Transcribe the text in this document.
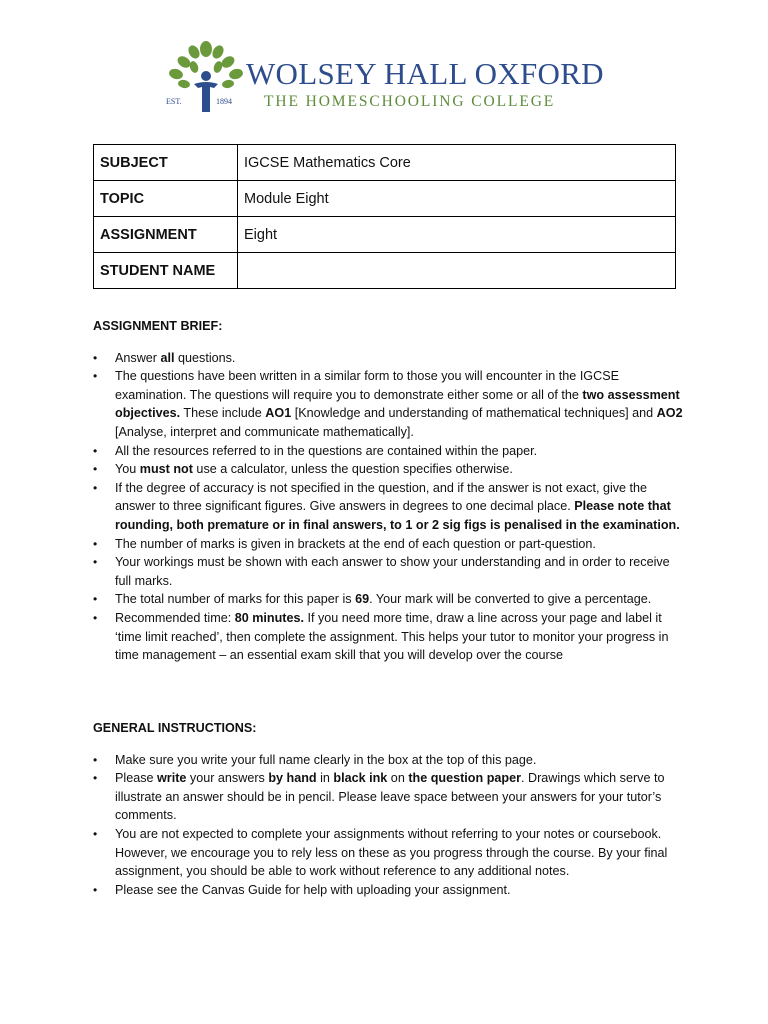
EST.	1894
WOLSEY HALL OXFORD
THE HOMESCHOOLING COLLEGE
SUBJECT	IGCSE Mathematics Core
TOPIC	Module Eight
ASSIGNMENT	Eight
STUDENT NAME	
ASSIGNMENT BRIEF:
• Answer all questions.
• The questions have been written in a similar form to those you will encounter in the IGCSE examination. The questions will require you to demonstrate either some or all of the two assessment objectives. These include AO1 [Knowledge and understanding of mathematical techniques] and AO2 [Analyse, interpret and communicate mathematically].
• All the resources referred to in the questions are contained within the paper.
• You must not use a calculator, unless the question specifies otherwise.
• If the degree of accuracy is not specified in the question, and if the answer is not exact, give the answer to three significant figures. Give answers in degrees to one decimal place. Please note that rounding, both premature or in final answers, to 1 or 2 sig figs is penalised in the examination.
• The number of marks is given in brackets at the end of each question or part-question.
• Your workings must be shown with each answer to show your understanding and in order to receive full marks.
• The total number of marks for this paper is 69. Your mark will be converted to give a percentage.
• Recommended time: 80 minutes. If you need more time, draw a line across your page and label it ‘time limit reached’, then complete the assignment. This helps your tutor to monitor your progress in time management – an essential exam skill that you will develop over the course
GENERAL INSTRUCTIONS:
• Make sure you write your full name clearly in the box at the top of this page.
• Please write your answers by hand in black ink on the question paper. Drawings which serve to illustrate an answer should be in pencil. Please leave space between your answers for your tutor’s comments.
• You are not expected to complete your assignments without referring to your notes or coursebook. However, we encourage you to rely less on these as you progress through the course. By your final assignment, you should be able to work without reference to any additional notes.
• Please see the Canvas Guide for help with uploading your assignment.
